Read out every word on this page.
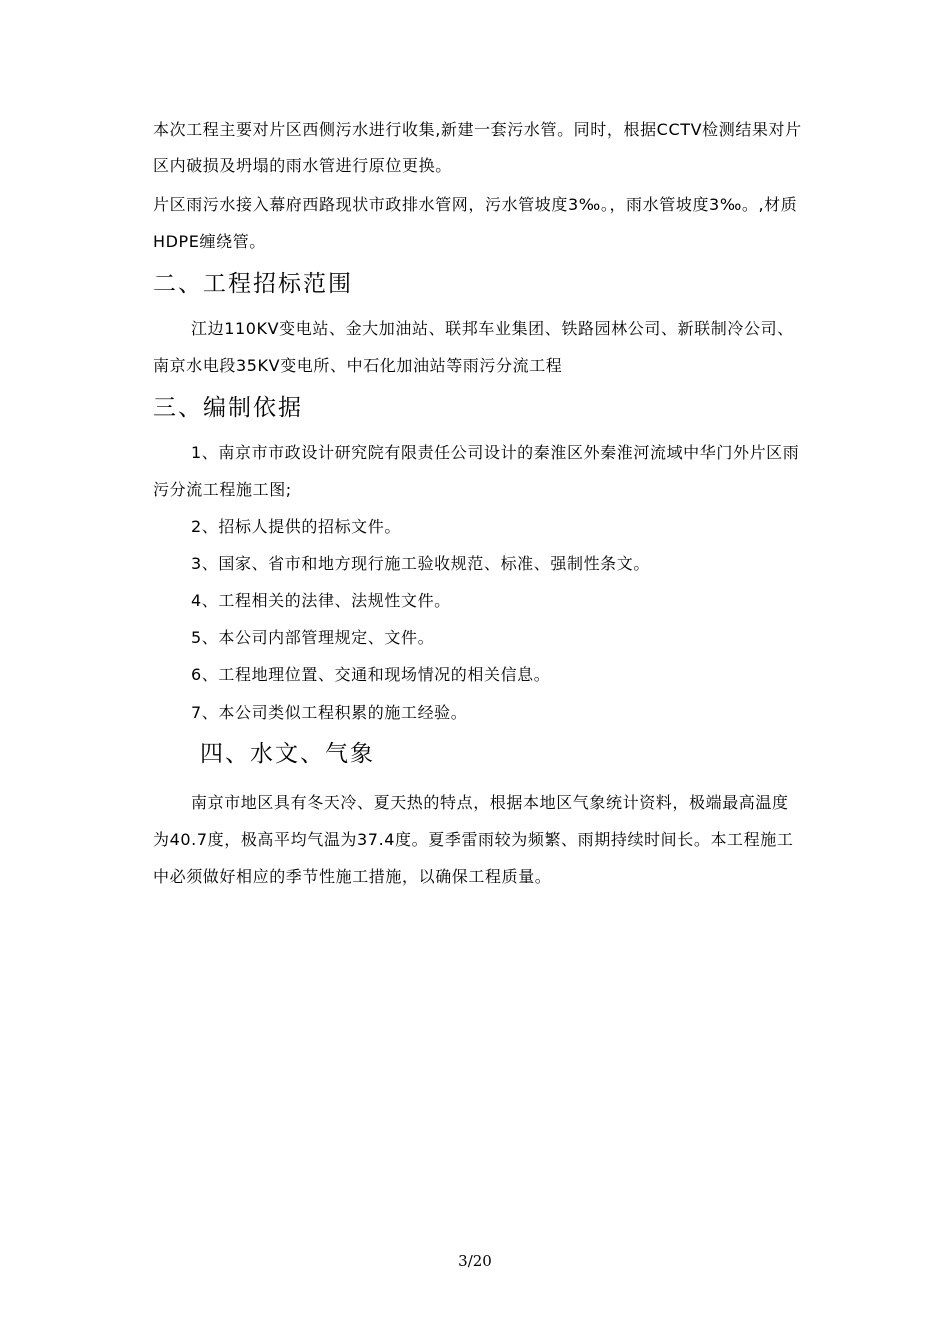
本次工程主要对片区西侧污水进行收集,新建一套污水管。同时，根据CCTV检测结果对片
区内破损及坍塌的雨水管进行原位更换。
片区雨污水接入幕府西路现状市政排水管网，污水管坡度3‰。，雨水管坡度3‰。,材质
HDPE缠绕管。
二、工程招标范围
江边110KV变电站、金大加油站、联邦车业集团、铁路园林公司、新联制冷公司、
南京水电段35KV变电所、中石化加油站等雨污分流工程
三、编制依据
1、南京市市政设计研究院有限责任公司设计的秦淮区外秦淮河流域中华门外片区雨
污分流工程施工图;
2、招标人提供的招标文件。
3、国家、省市和地方现行施工验收规范、标准、强制性条文。
4、工程相关的法律、法规性文件。
5、本公司内部管理规定、文件。
6、工程地理位置、交通和现场情况的相关信息。
7、本公司类似工程积累的施工经验。
四、水文、气象
南京市地区具有冬天冷、夏天热的特点，根据本地区气象统计资料，极端最高温度
为40.7度，极高平均气温为37.4度。夏季雷雨较为频繁、雨期持续时间长。本工程施工
中必须做好相应的季节性施工措施，以确保工程质量。
3/20
